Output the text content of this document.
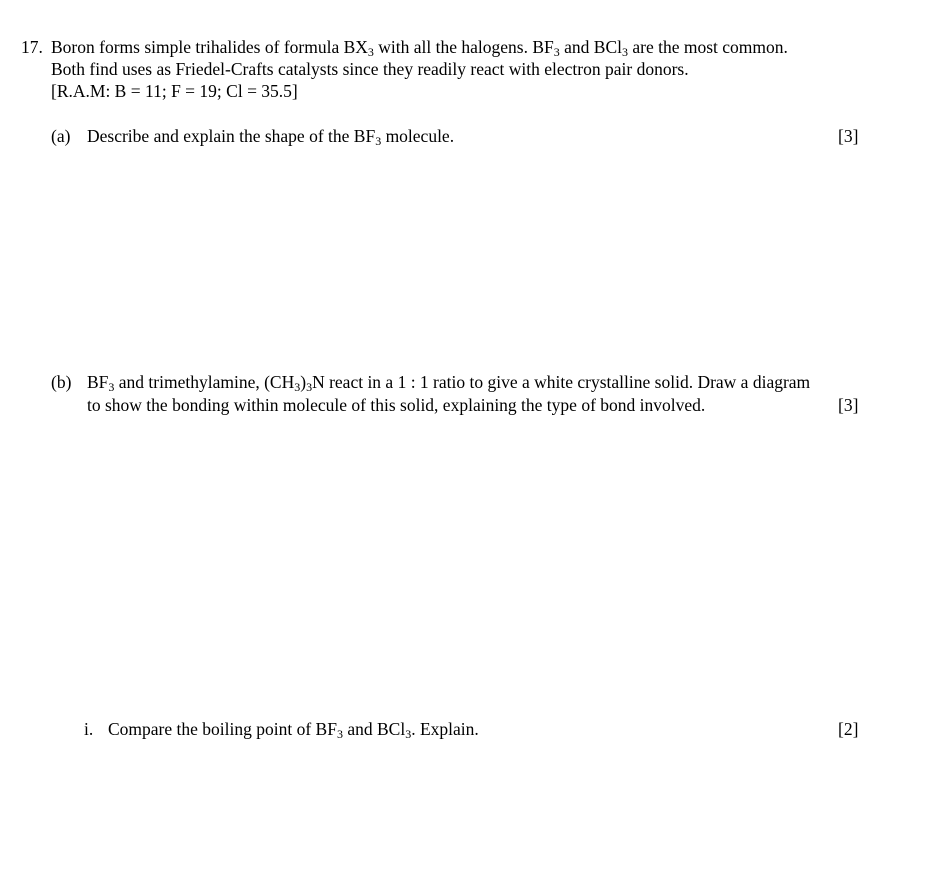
17. Boron forms simple trihalides of formula $BX_3$ with all the halogens. $BF_3$ and BCl$_3$ are the most common.
Both find uses as Friedel-Crafts catalysts since they readily react with electron pair donors.
[R.A.M: B = 11; F = 19; Cl = 35.5]
(a) Describe and explain the shape of the $BF_3$ molecule.	[3]
(b) $BF_3$ and trimethylamine, $(CH_3)_3N$ react in a 1 : 1 ratio to give a white crystalline solid. Draw a diagram
to show the bonding within molecule of this solid, explaining the type of bond involved.	[3]
i. Compare the boiling point of $BF_3$ and BCl$_3$. Explain.	[2]
